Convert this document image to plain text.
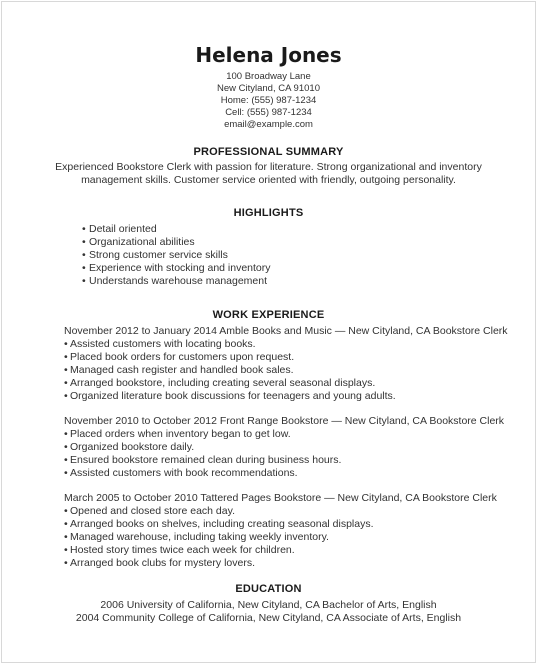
Helena Jones
100 Broadway Lane
New Cityland, CA 91010
Home: (555) 987-1234
Cell: (555) 987-1234
email@example.com
PROFESSIONAL SUMMARY
Experienced Bookstore Clerk with passion for literature. Strong organizational and inventory management skills. Customer service oriented with friendly, outgoing personality.
HIGHLIGHTS
• Detail oriented
• Organizational abilities
• Strong customer service skills
• Experience with stocking and inventory
• Understands warehouse management
WORK EXPERIENCE
November 2012 to January 2014 Amble Books and Music — New Cityland, CA Bookstore Clerk
• Assisted customers with locating books.
• Placed book orders for customers upon request.
• Managed cash register and handled book sales.
• Arranged bookstore, including creating several seasonal displays.
• Organized literature book discussions for teenagers and young adults.
November 2010 to October 2012 Front Range Bookstore — New Cityland, CA Bookstore Clerk
• Placed orders when inventory began to get low.
• Organized bookstore daily.
• Ensured bookstore remained clean during business hours.
• Assisted customers with book recommendations.
March 2005 to October 2010 Tattered Pages Bookstore — New Cityland, CA Bookstore Clerk
• Opened and closed store each day.
• Arranged books on shelves, including creating seasonal displays.
• Managed warehouse, including taking weekly inventory.
• Hosted story times twice each week for children.
• Arranged book clubs for mystery lovers.
EDUCATION
2006 University of California, New Cityland, CA Bachelor of Arts, English
2004 Community College of California, New Cityland, CA Associate of Arts, English
